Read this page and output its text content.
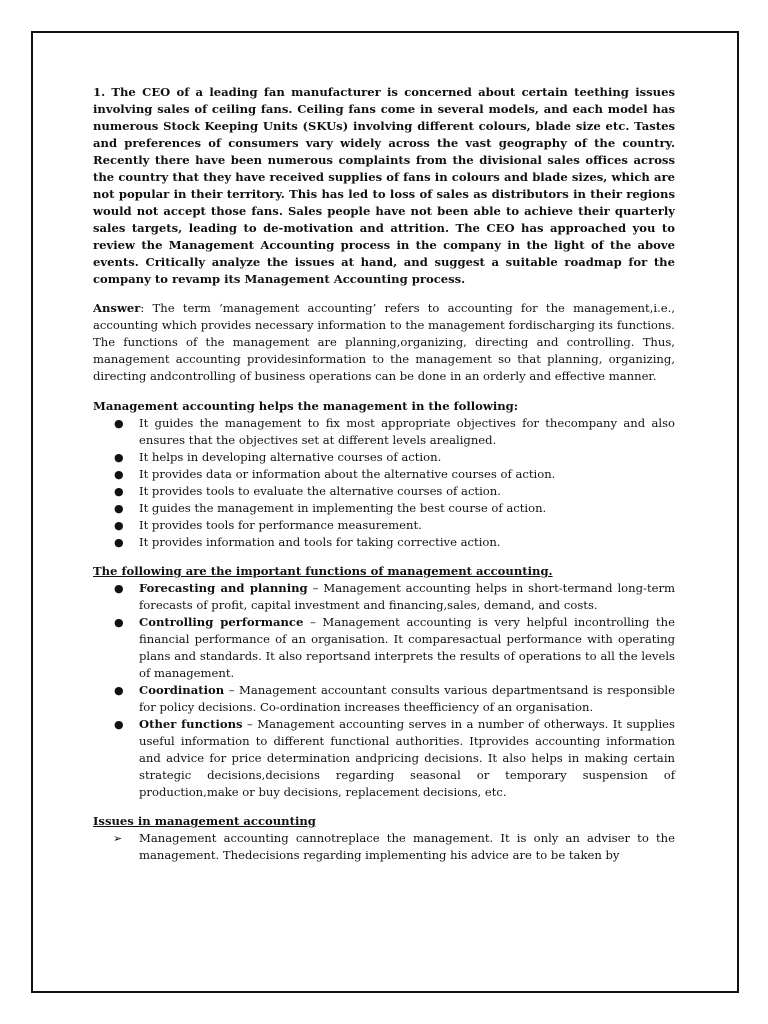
1. The CEO of a leading fan manufacturer is concerned about certain teething issues involving sales of ceiling fans. Ceiling fans come in several models, and each model has numerous Stock Keeping Units (SKUs) involving different colours, blade size etc. Tastes and preferences of consumers vary widely across the vast geography of the country. Recently there have been numerous complaints from the divisional sales offices across the country that they have received supplies of fans in colours and blade sizes, which are not popular in their territory. This has led to loss of sales as distributors in their regions would not accept those fans. Sales people have not been able to achieve their quarterly sales targets, leading to de-motivation and attrition. The CEO has approached you to review the Management Accounting process in the company in the light of the above events. Critically analyze the issues at hand, and suggest a suitable roadmap for the company to revamp its Management Accounting process.

Answer: The term ‘management accounting’ refers to accounting for the management,i.e., accounting which provides necessary information to the management fordischarging its functions. The functions of the management are planning,organizing, directing and controlling. Thus, management accounting providesinformation to the management so that planning, organizing, directing andcontrolling of business operations can be done in an orderly and effective manner.

Management accounting helps the management in the following:

● It guides the management to fix most appropriate objectives for thecompany and also ensures that the objectives set at different levels arealigned.
● It helps in developing alternative courses of action.
● It provides data or information about the alternative courses of action.
● It provides tools to evaluate the alternative courses of action.
● It guides the management in implementing the best course of action.
● It provides tools for performance measurement.
● It provides information and tools for taking corrective action.

The following are the important functions of management accounting.

● Forecasting and planning – Management accounting helps in short-termand long-term forecasts of profit, capital investment and financing,sales, demand, and costs.
● Controlling performance – Management accounting is very helpful incontrolling the financial performance of an organisation. It comparesactual performance with operating plans and standards. It also reportsand interprets the results of operations to all the levels of management.
● Coordination – Management accountant consults various departmentsand is responsible for policy decisions. Co-ordination increases theefficiency of an organisation.
● Other functions – Management accounting serves in a number of otherways. It supplies useful information to different functional authorities. Itprovides accounting information and advice for price determination andpricing decisions. It also helps in making certain strategic decisions,decisions regarding seasonal or temporary suspension of production,make or buy decisions, replacement decisions, etc.

Issues in management accounting

➢ Management accounting cannotreplace the management. It is only an adviser to the management. Thedecisions regarding implementing his advice are to be taken by
